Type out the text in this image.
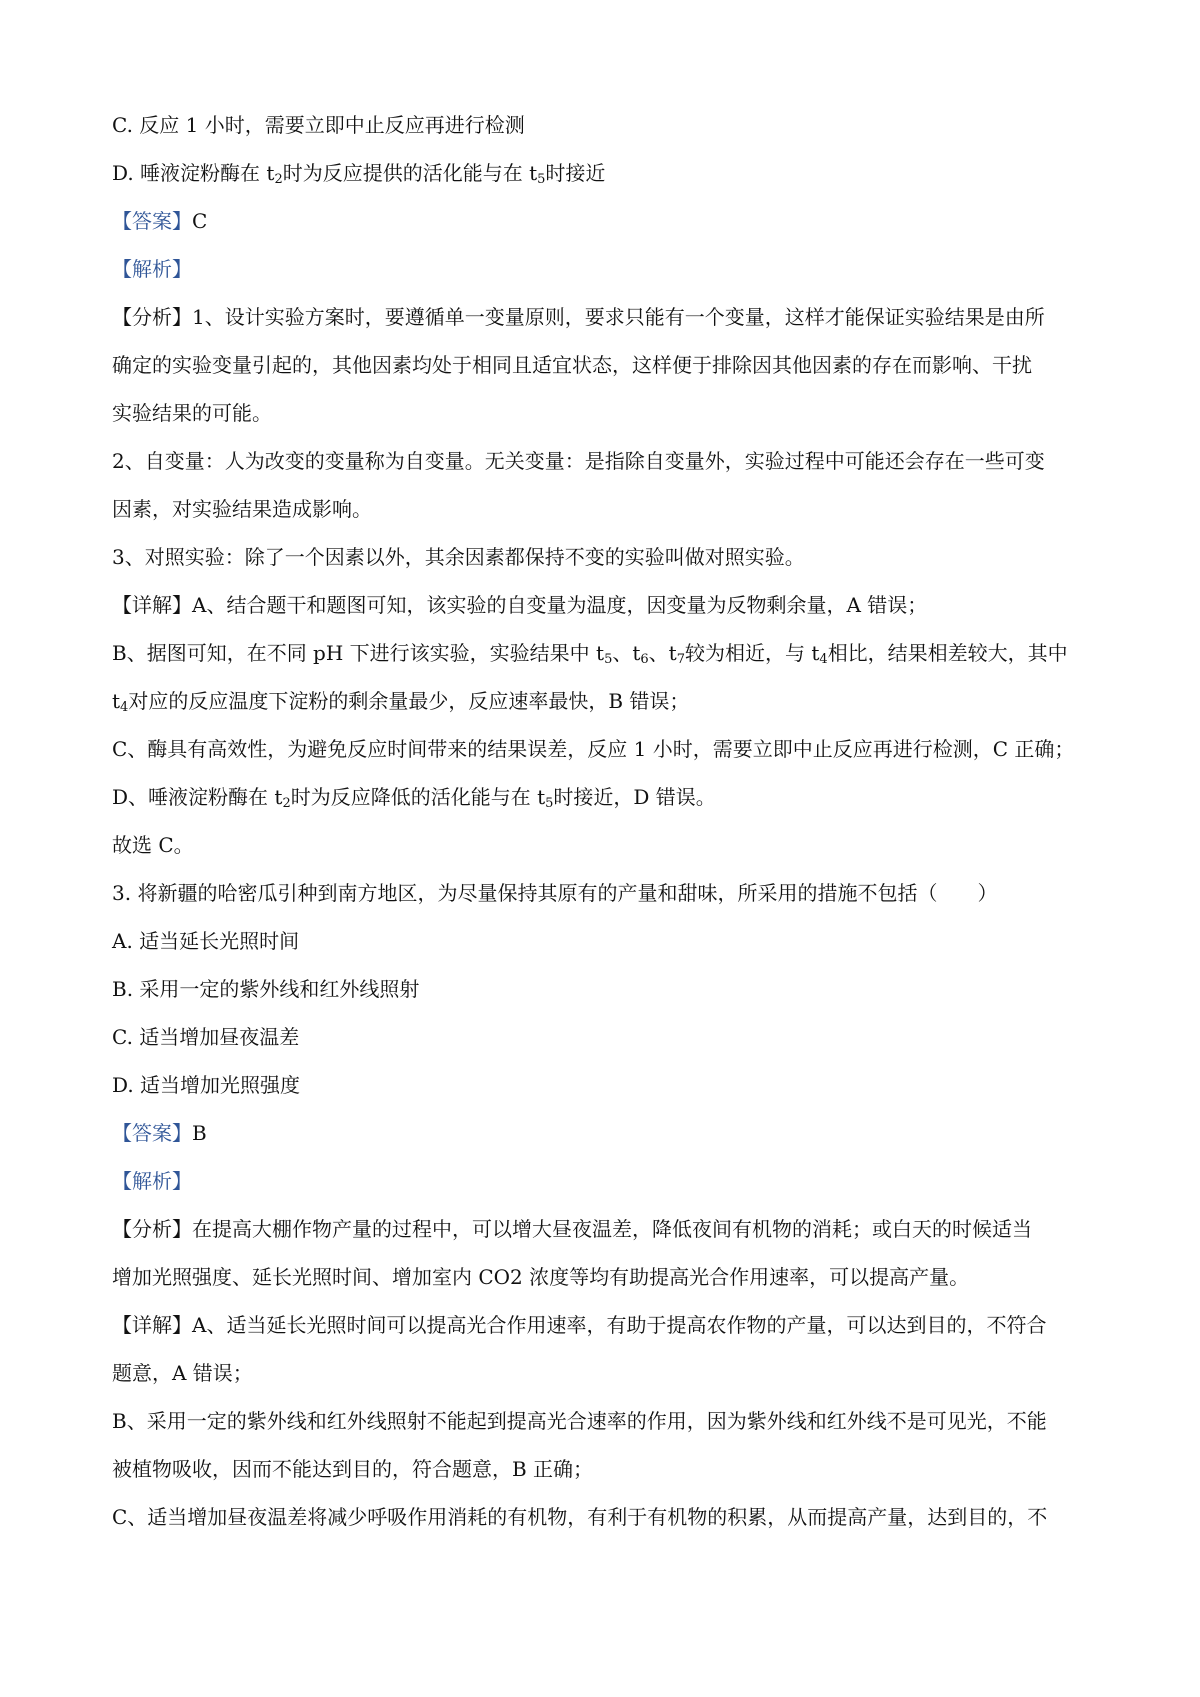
C. 反应 1 小时，需要立即中止反应再进行检测
D. 唾液淀粉酶在 $t_2$时为反应提供的活化能与在 $t_5$时接近
【答案】C
【解析】
【分析】1、设计实验方案时，要遵循单一变量原则，要求只能有一个变量，这样才能保证实验结果是由所
确定的实验变量引起的，其他因素均处于相同且适宜状态，这样便于排除因其他因素的存在而影响、干扰
实验结果的可能。
2、自变量：人为改变的变量称为自变量。无关变量：是指除自变量外，实验过程中可能还会存在一些可变
因素，对实验结果造成影响。
3、对照实验：除了一个因素以外，其余因素都保持不变的实验叫做对照实验。
【详解】A、结合题干和题图可知，该实验的自变量为温度，因变量为反物剩余量，A 错误；
B、据图可知，在不同 pH 下进行该实验，实验结果中 $t_5$、$t_6$、$t_7$较为相近，与 $t_4$相比，结果相差较大，其中
$t_4$对应的反应温度下淀粉的剩余量最少，反应速率最快，B 错误；
C、酶具有高效性，为避免反应时间带来的结果误差，反应 1 小时，需要立即中止反应再进行检测，C 正确；
D、唾液淀粉酶在 $t_2$时为反应降低的活化能与在 $t_5$时接近，D 错误。
故选 C。
3. 将新疆的哈密瓜引种到南方地区，为尽量保持其原有的产量和甜味，所采用的措施不包括（　　）
A. 适当延长光照时间
B. 采用一定的紫外线和红外线照射
C. 适当增加昼夜温差
D. 适当增加光照强度
【答案】B
【解析】
【分析】在提高大棚作物产量的过程中，可以增大昼夜温差，降低夜间有机物的消耗；或白天的时候适当
增加光照强度、延长光照时间、增加室内 CO2 浓度等均有助提高光合作用速率，可以提高产量。
【详解】A、适当延长光照时间可以提高光合作用速率，有助于提高农作物的产量，可以达到目的，不符合
题意，A 错误；
B、采用一定的紫外线和红外线照射不能起到提高光合速率的作用，因为紫外线和红外线不是可见光，不能
被植物吸收，因而不能达到目的，符合题意，B 正确；
C、适当增加昼夜温差将减少呼吸作用消耗的有机物，有利于有机物的积累，从而提高产量，达到目的，不
